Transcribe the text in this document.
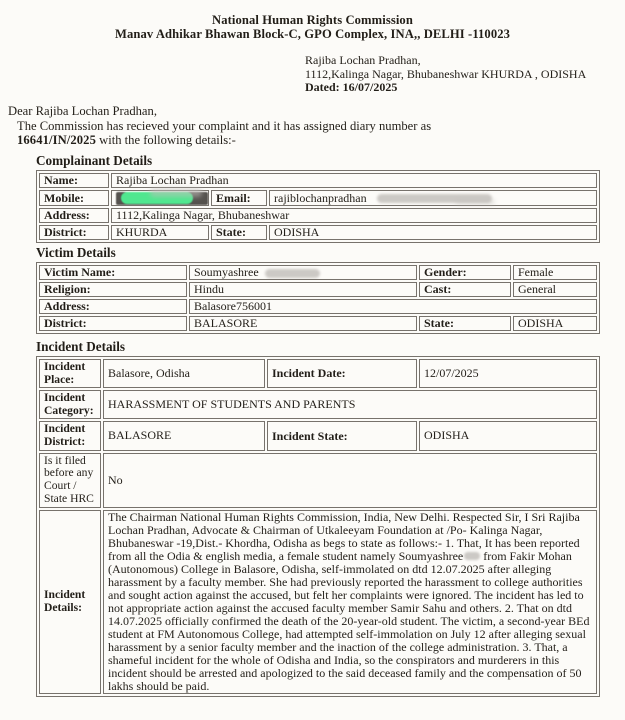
National Human Rights Commission
Manav Adhikar Bhawan Block-C, GPO Complex, INA,, DELHI -110023
Rajiba Lochan Pradhan,
1112,Kalinga Nagar, Bhubaneshwar KHURDA , ODISHA
Dated: 16/07/2025

Dear Rajiba Lochan Pradhan,

The Commission has recieved your complaint and it has assigned diary number as
16641/IN/2025 with the following details:-

Complainant Details
Name:	Rajiba Lochan Pradhan		
Mobile:		Email:	rajiblochanpradhan
Address:	1112,Kalinga Nagar, Bhubaneshwar		
District:	KHURDA	State:	ODISHA
Victim Details
Victim Name:	Soumyashree	Gender:	Female
Religion:	Hindu	Cast:	General
Address:	Balasore756001		
District:	BALASORE	State:	ODISHA
Incident Details
Incident Place:	Balasore, Odisha	Incident Date:	12/07/2025
Incident Category:	HARASSMENT OF STUDENTS AND PARENTS		
Incident District:	BALASORE	Incident State:	ODISHA
Is it filed before any Court / State HRC	No		
Incident Details:	The Chairman National Human Rights Commission, India, New Delhi. Respected Sir, I Sri Rajiba Lochan Pradhan, Advocate & Chairman of Utkaleeyam Foundation at /Po- Kalinga Nagar, Bhubaneswar -19,Dist.- Khordha, Odisha as begs to state as follows:- 1. That, It has been reported from all the Odia & english media, a female student namely Soumyashree from Fakir Mohan (Autonomous) College in Balasore, Odisha, self-immolated on dtd 12.07.2025 after alleging harassment by a faculty member. She had previously reported the harassment to college authorities and sought action against the accused, but felt her complaints were ignored. The incident has led to not appropriate action against the accused faculty member Samir Sahu and others. 2. That on dtd 14.07.2025 officially confirmed the death of the 20-year-old student. The victim, a second-year BEd student at FM Autonomous College, had attempted self-immolation on July 12 after alleging sexual harassment by a senior faculty member and the inaction of the college administration. 3. That, a shameful incident for the whole of Odisha and India, so the conspirators and murderers in this incident should be arrested and apologized to the said deceased family and the compensation of 50 lakhs should be paid.		
